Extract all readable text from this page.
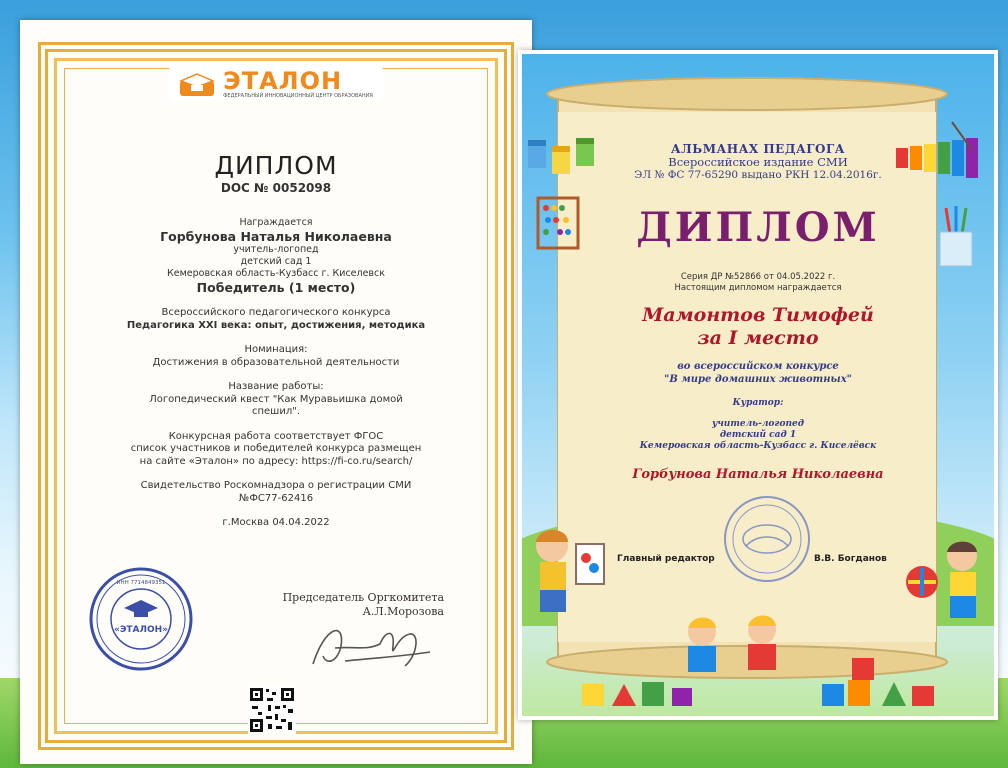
ЭТАЛОН
ФЕДЕРАЛЬНЫЙ ИННОВАЦИОННЫЙ ЦЕНТР ОБРАЗОВАНИЯ
ДИПЛОМ
DOC № 0052098
Награждается
Горбунова Наталья Николаевна
учитель-логопед
детский сад 1
Кемеровская область-Кузбасс г. Киселевск
Победитель (1 место)
Всероссийского педагогического конкурса
Педагогика XXI века: опыт, достижения, методика
Номинация:
Достижения в образовательной деятельности
Название работы:
Логопедический квест "Как Муравьишка домой
спешил".
Конкурсная работа соответствует ФГОС
список участников и победителей конкурса размещен
на сайте «Эталон» по адресу: https://fi-co.ru/search/
Свидетельство Роскомнадзора о регистрации СМИ
№ФС77-62416
г.Москва 04.04.2022
«ЭТАЛОН»
ИНН 7714849351
Председатель Оргкомитета
А.Л.Морозова
АЛЬМАНАХ ПЕДАГОГА
Всероссийское издание СМИ
ЭЛ № ФС 77-65290 выдано РКН 12.04.2016г.
ДИПЛОМ
Серия ДР №52866 от 04.05.2022 г.
Настоящим дипломом награждается
Мамонтов Тимофей
за I место
во всероссийском конкурсе
"В мире домашних животных"
Куратор:
учитель-логопед
детский сад 1
Кемеровская область-Кузбасс г. Киселёвск
Горбунова Наталья Николаевна
Главный редактор	В.В. Богданов
